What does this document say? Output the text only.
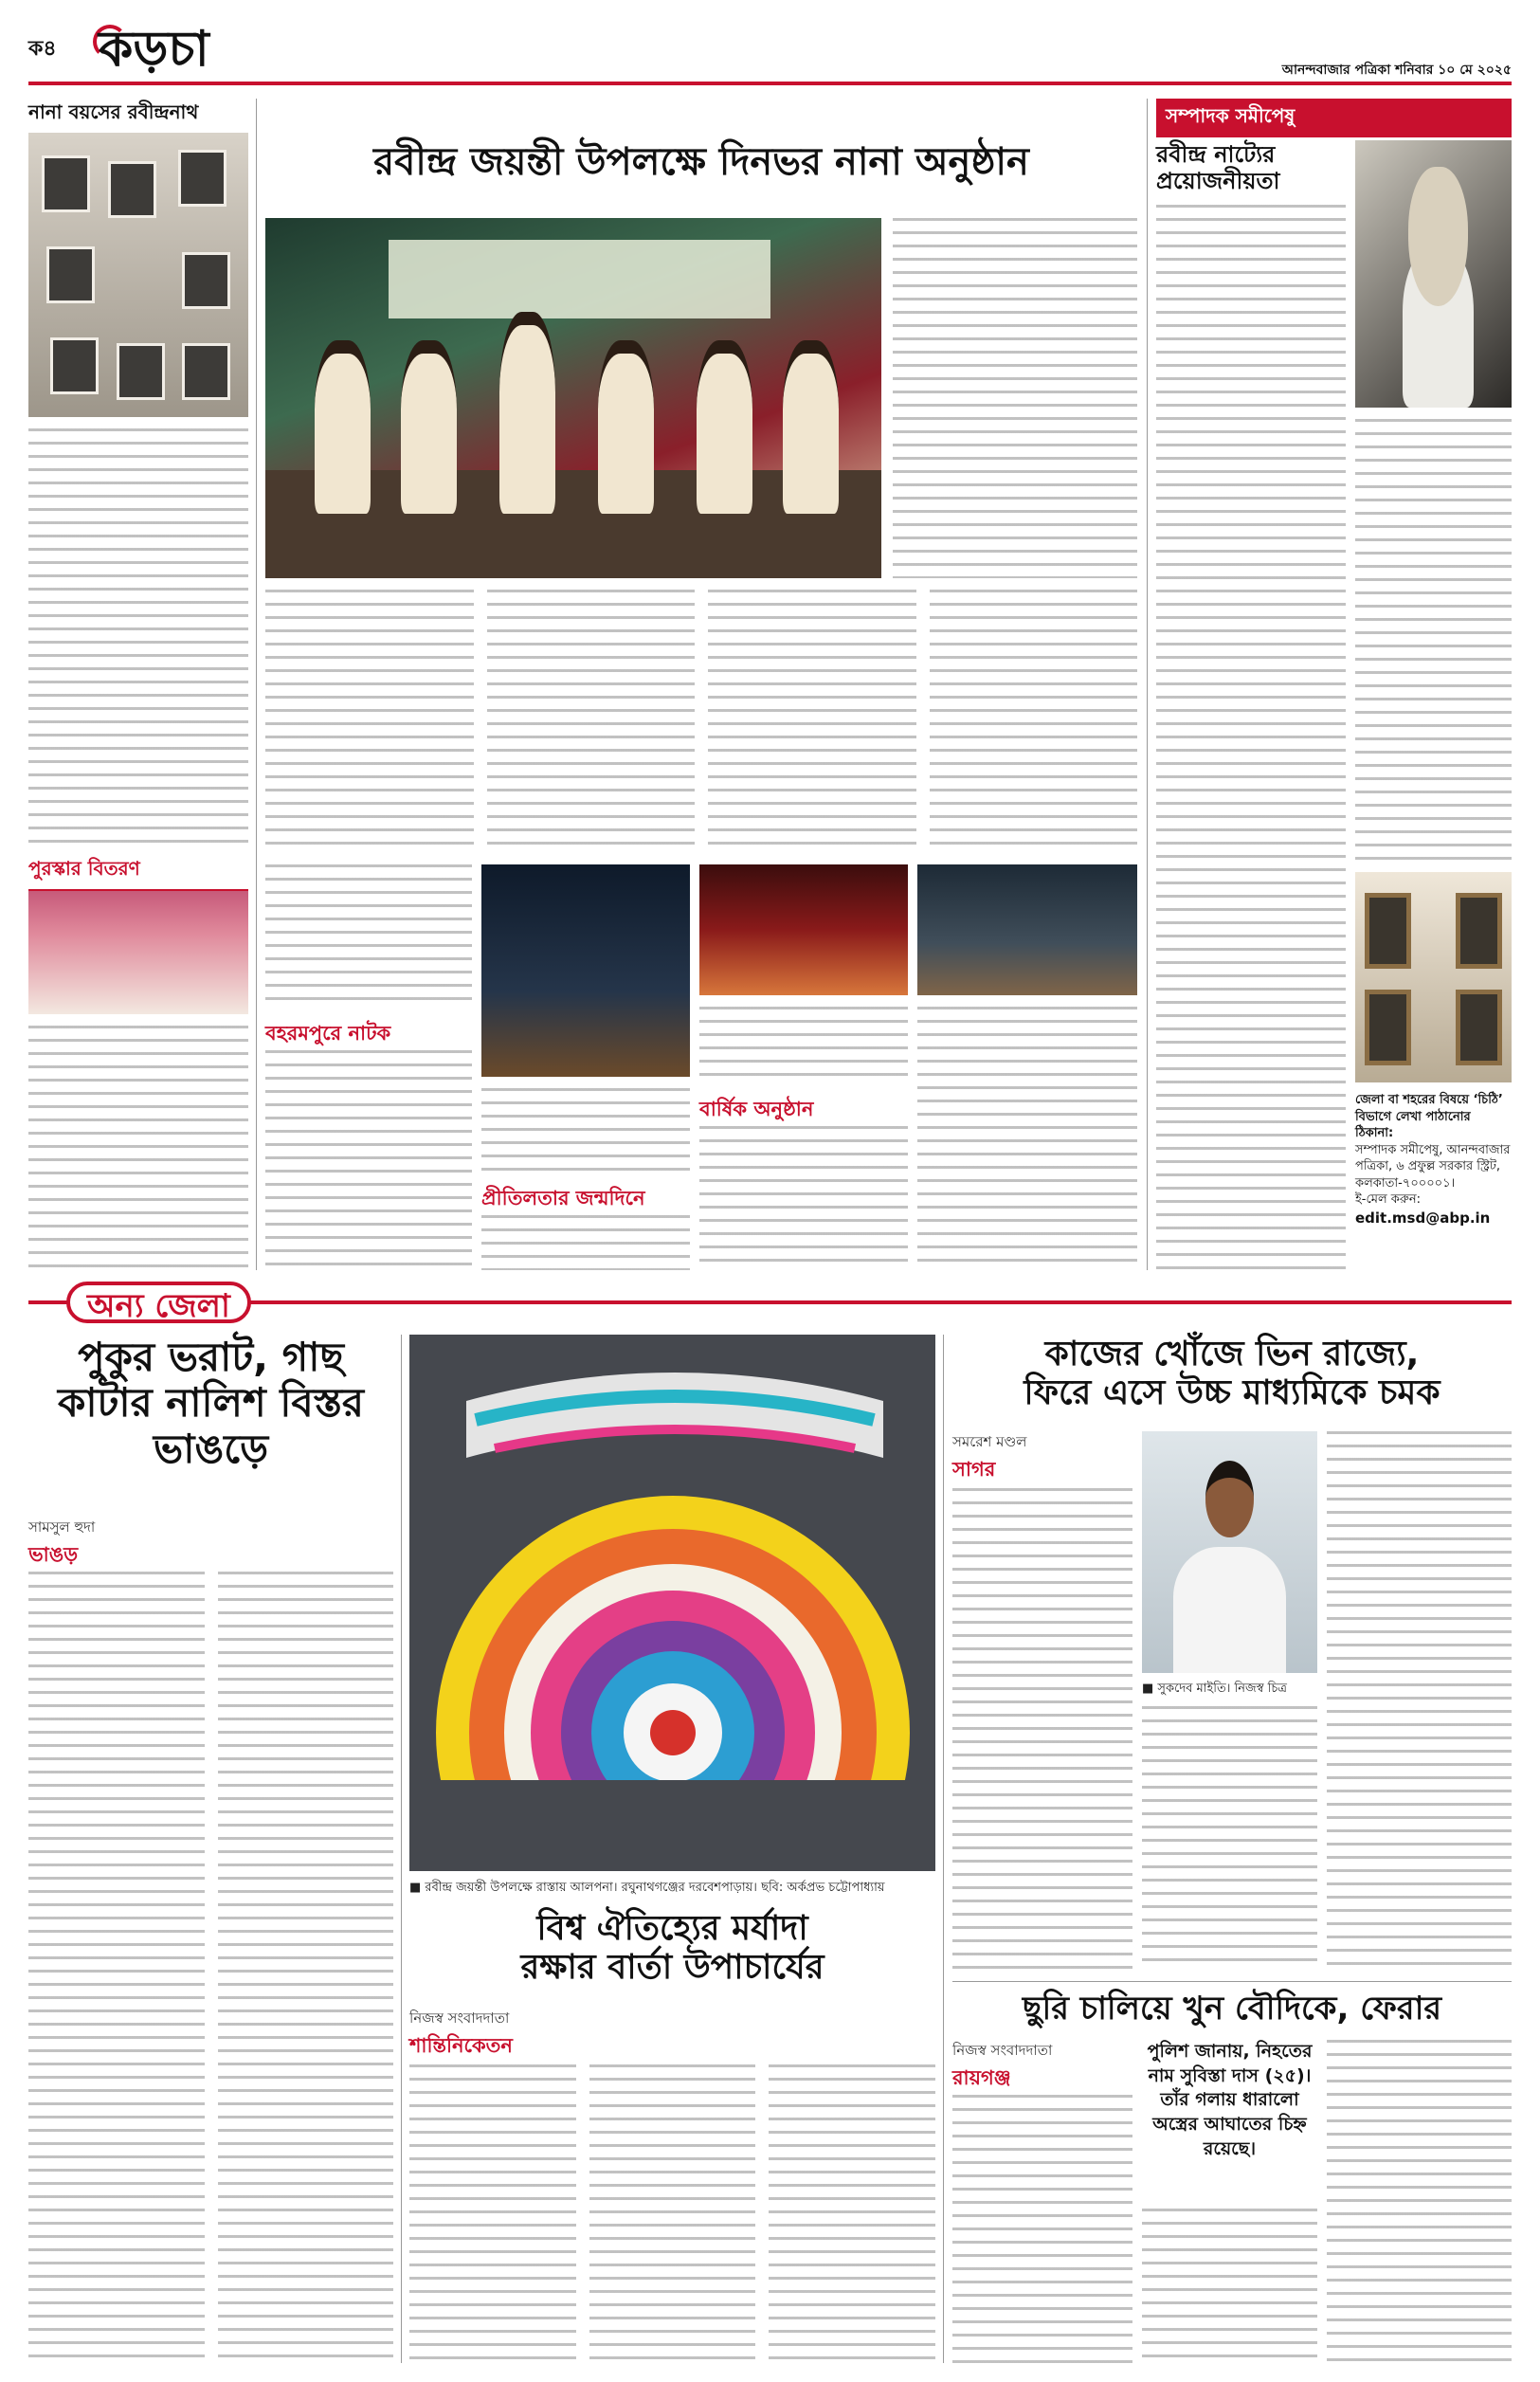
ক৪ কড়চা	আনন্দবাজার পত্রিকা শনিবার ১০ মে ২০২৫
নানা বয়সের রবীন্দ্রনাথ
পুরস্কার বিতরণ
রবীন্দ্র জয়ন্তী উপলক্ষে দিনভর নানা অনুষ্ঠান
বহরমপুরে নাটক
প্রীতিলতার জন্মদিনে
বার্ষিক অনুষ্ঠান
সম্পাদক সমীপেষু
রবীন্দ্র নাট্যের প্রয়োজনীয়তা
জেলা বা শহরের বিষয়ে ‘চিঠি’ বিভাগে লেখা পাঠানোর ঠিকানা:
সম্পাদক সমীপেষু, আনন্দবাজার পত্রিকা, ৬ প্রফুল্ল সরকার স্ট্রিট, কলকাতা-৭০০০০১।
ই-মেল করুন:
edit.msd@abp.in
অন্য জেলা
পুকুর ভরাট, গাছ কাটার নালিশ বিস্তর ভাঙড়ে
সামসুল হুদা
ভাঙড়
■ রবীন্দ্র জয়ন্তী উপলক্ষে রাস্তায় আলপনা। রঘুনাথগঞ্জের দরবেশপাড়ায়। ছবি: অর্কপ্রভ চট্টোপাধ্যায়
বিশ্ব ঐতিহ্যের মর্যাদা
রক্ষার বার্তা উপাচার্যের
নিজস্ব সংবাদদাতা
শান্তিনিকেতন
কাজের খোঁজে ভিন রাজ্যে,
ফিরে এসে উচ্চ মাধ্যমিকে চমক
সমরেশ মণ্ডল
সাগর
■ সুকদেব মাইতি। নিজস্ব চিত্র
ছুরি চালিয়ে খুন বৌদিকে, ফেরার
নিজস্ব সংবাদদাতা
রায়গঞ্জ
পুলিশ জানায়, নিহতের নাম সুবিস্তা দাস (২৫)। তাঁর গলায় ধারালো অস্ত্রের আঘাতের চিহ্ন রয়েছে।
